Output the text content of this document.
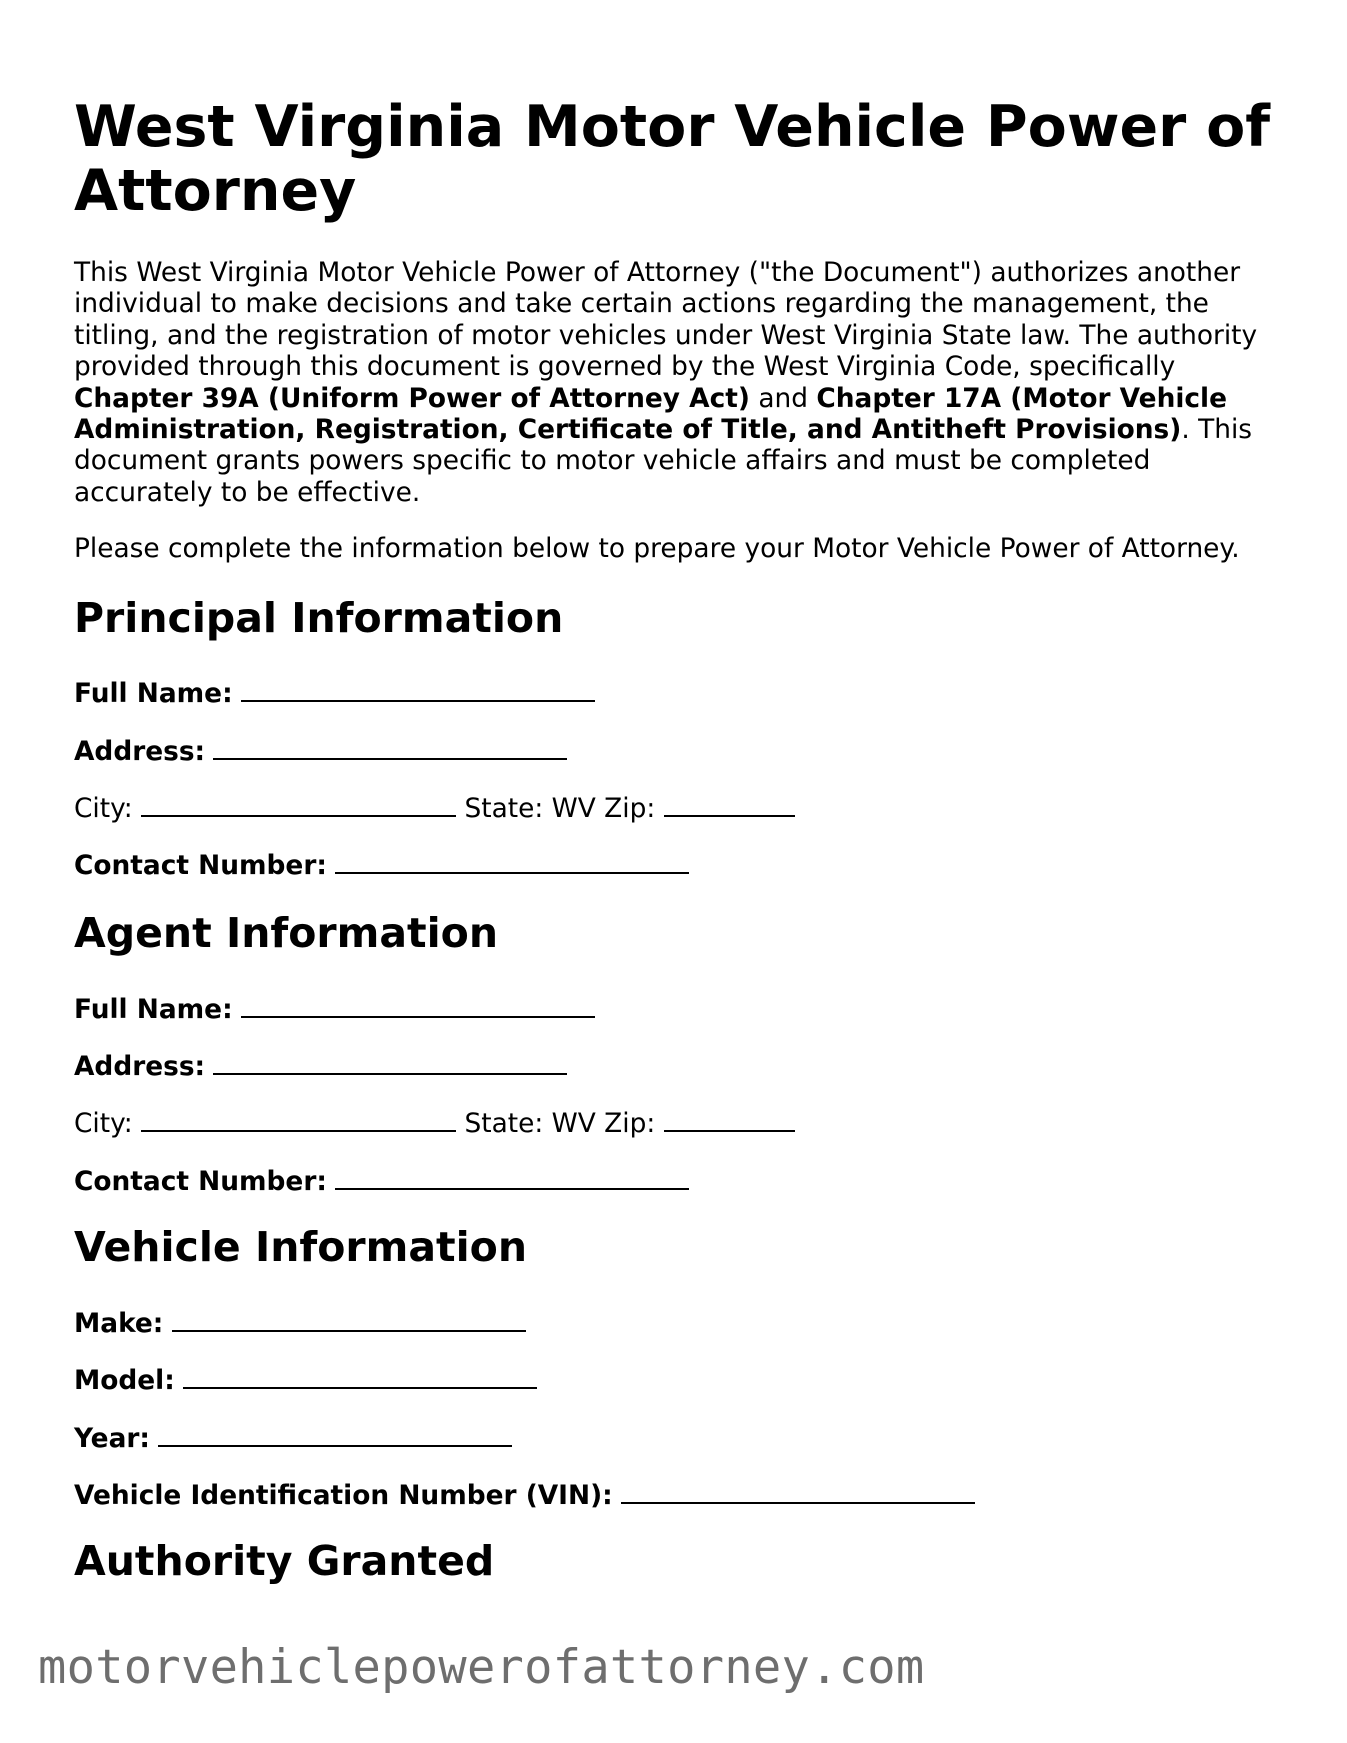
West Virginia Motor Vehicle Power of Attorney

This West Virginia Motor Vehicle Power of Attorney ("the Document") authorizes another individual to make decisions and take certain actions regarding the management, the titling, and the registration of motor vehicles under West Virginia State law. The authority provided through this document is governed by the West Virginia Code, specifically Chapter 39A (Uniform Power of Attorney Act) and Chapter 17A (Motor Vehicle Administration, Registration, Certificate of Title, and Antitheft Provisions). This document grants powers specific to motor vehicle affairs and must be completed accurately to be effective.

Please complete the information below to prepare your Motor Vehicle Power of Attorney.

Principal Information
Full Name:
Address:
City:	State: WV Zip:
Contact Number:
Agent Information
Full Name:
Address:
City:	State: WV Zip:
Contact Number:
Vehicle Information
Make:
Model:
Year:
Vehicle Identification Number (VIN):
Authority Granted
motorvehiclepowerofattorney.com
